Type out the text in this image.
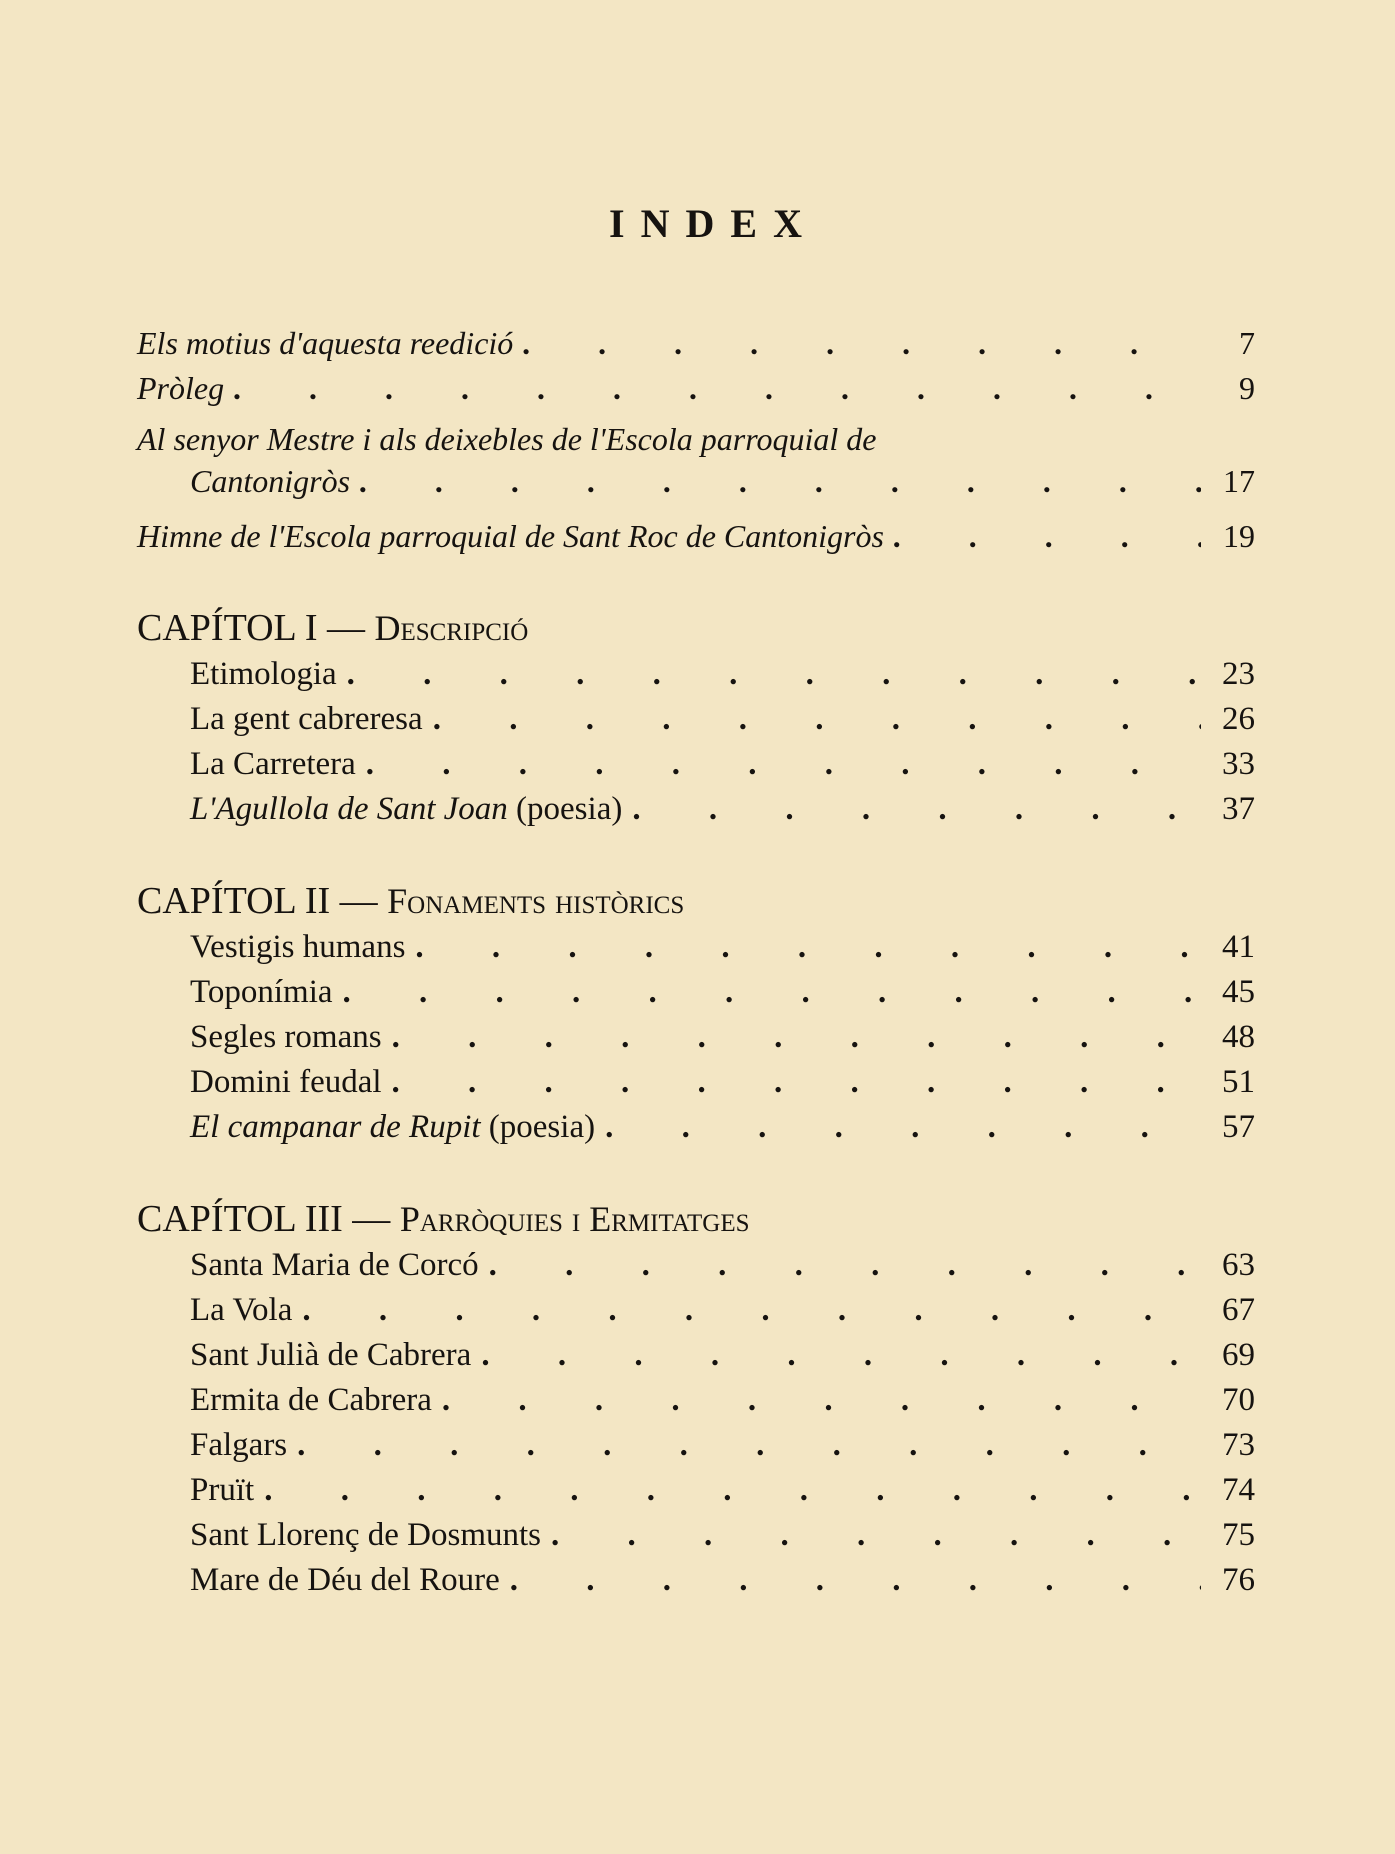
INDEX
Els motius d'aquesta reedició . . .	7
Pròleg . . .	9
Al senyor Mestre i als deixebles de l'Escola parroquial de
Cantonigròs . . .	17
Himne de l'Escola parroquial de Sant Roc de Cantonigròs . . .	19
CAPÍTOL I — Descripció
Etimologia . . .	23
La gent cabreresa . . .	26
La Carretera . . .	33
L'Agullola de Sant Joan (poesia) . . .	37
CAPÍTOL II — Fonaments històrics
Vestigis humans . . .	41
Toponímia . . .	45
Segles romans . . .	48
Domini feudal . . .	51
El campanar de Rupit (poesia) . . .	57
CAPÍTOL III — Parròquies i Ermitatges
Santa Maria de Corcó . . .	63
La Vola . . .	67
Sant Julià de Cabrera . . .	69
Ermita de Cabrera . . .	70
Falgars . . .	73
Pruït . . .	74
Sant Llorenç de Dosmunts . . .	75
Mare de Déu del Roure . . .	76
